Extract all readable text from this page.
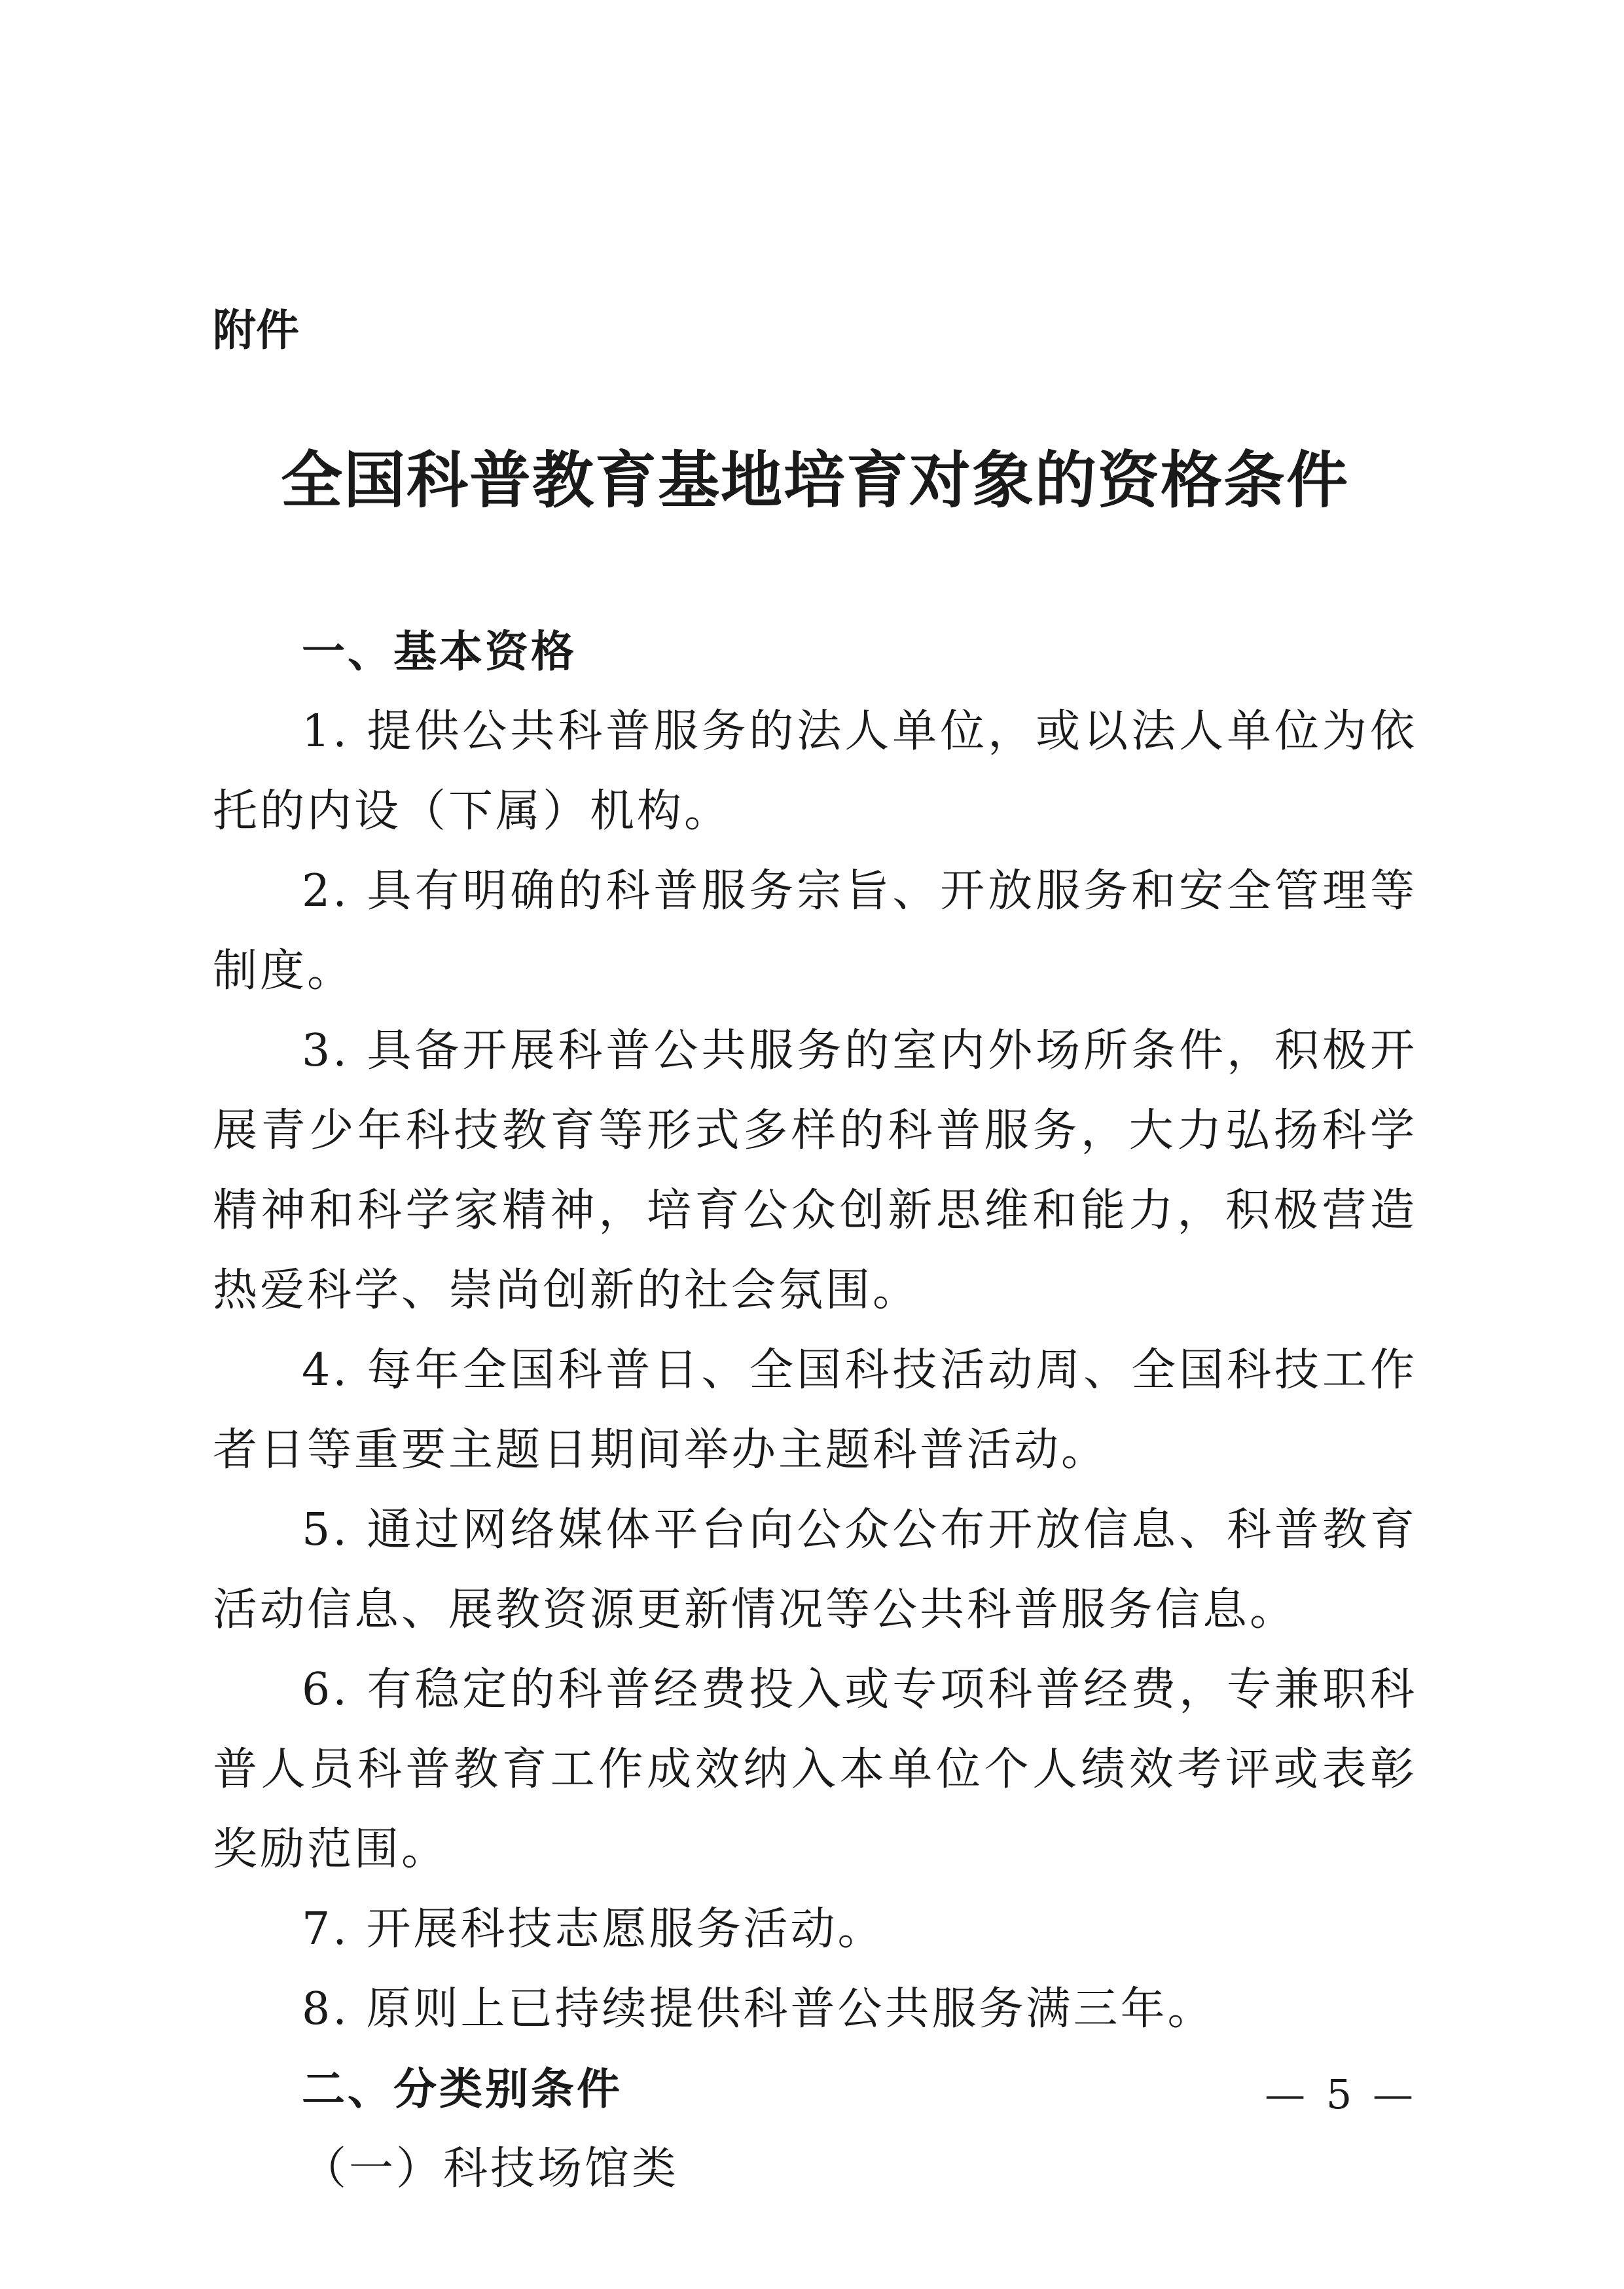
附件
全国科普教育基地培育对象的资格条件
一、基本资格

1. 提供公共科普服务的法人单位，或以法人单位为依托的内设（下属）机构。

2. 具有明确的科普服务宗旨、开放服务和安全管理等制度。

3. 具备开展科普公共服务的室内外场所条件，积极开展青少年科技教育等形式多样的科普服务，大力弘扬科学精神和科学家精神，培育公众创新思维和能力，积极营造热爱科学、崇尚创新的社会氛围。

4. 每年全国科普日、全国科技活动周、全国科技工作者日等重要主题日期间举办主题科普活动。

5. 通过网络媒体平台向公众公布开放信息、科普教育活动信息、展教资源更新情况等公共科普服务信息。

6. 有稳定的科普经费投入或专项科普经费，专兼职科普人员科普教育工作成效纳入本单位个人绩效考评或表彰奖励范围。

7. 开展科技志愿服务活动。

8. 原则上已持续提供科普公共服务满三年。

二、分类别条件

（一）科技场馆类

— 5 —
